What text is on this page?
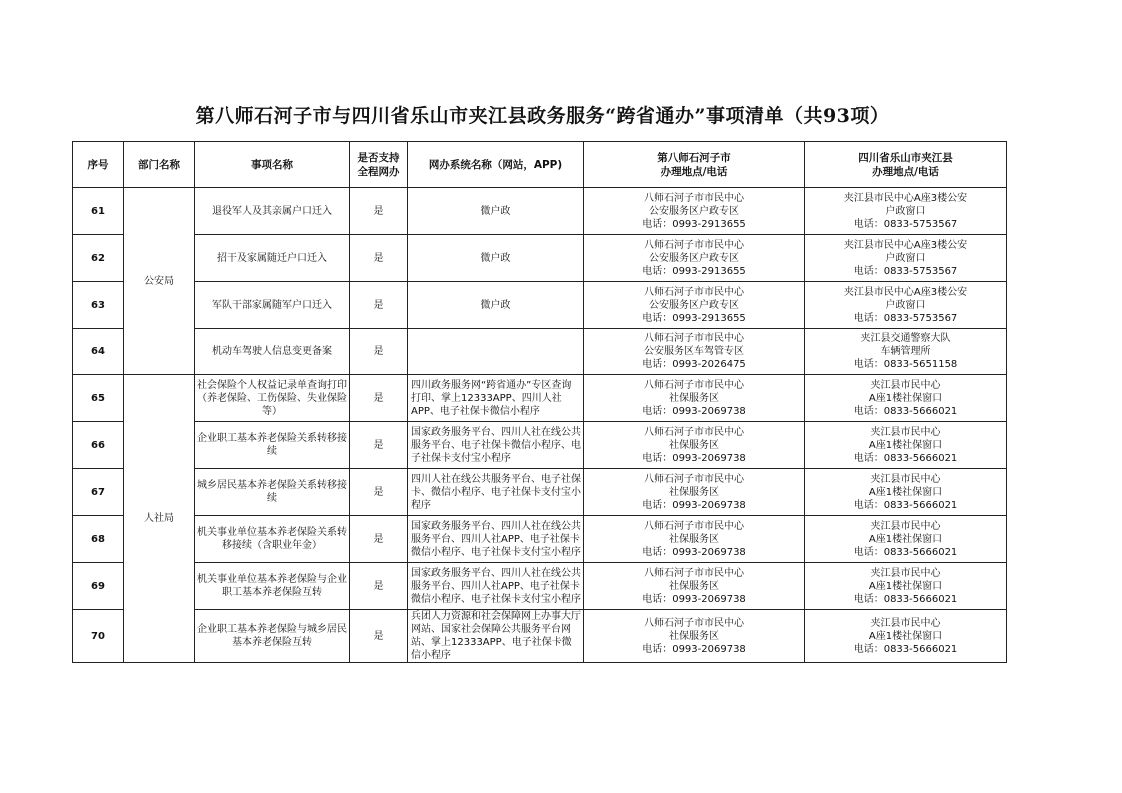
第八师石河子市与四川省乐山市夹江县政务服务“跨省通办”事项清单（共93项）
序号	部门名称	事项名称	是否支持
全程网办	网办系统名称（网站，APP)	第八师石河子市
办理地点/电话	四川省乐山市夹江县
办理地点/电话

61	公安局	退役军人及其亲属户口迁入	是	微户政	八师石河子市市民中心
公安服务区户政专区
电话：0993-2913655	夹江县市民中心A座3楼公安
户政窗口
电话：0833-5753567

62		招干及家属随迁户口迁入	是	微户政	八师石河子市市民中心
公安服务区户政专区
电话：0993-2913655	夹江县市民中心A座3楼公安
户政窗口
电话：0833-5753567

63		军队干部家属随军户口迁入	是	微户政	八师石河子市市民中心
公安服务区户政专区
电话：0993-2913655	夹江县市民中心A座3楼公安
户政窗口
电话：0833-5753567

64		机动车驾驶人信息变更备案	是		八师石河子市市民中心
公安服务区车驾管专区
电话：0993-2026475	夹江县交通警察大队
车辆管理所
电话：0833-5651158

65	人社局	社会保险个人权益记录单查询打印（养老保险、工伤保险、失业保险等）	是	四川政务服务网“跨省通办”专区查询打印、掌上12333APP、四川人社APP、电子社保卡微信小程序	八师石河子市市民中心
社保服务区
电话：0993-2069738	夹江县市民中心
A座1楼社保窗口
电话：0833-5666021

66		企业职工基本养老保险关系转移接续	是	国家政务服务平台、四川人社在线公共服务平台、电子社保卡微信小程序、电子社保卡支付宝小程序	八师石河子市市民中心
社保服务区
电话：0993-2069738	夹江县市民中心
A座1楼社保窗口
电话：0833-5666021

67		城乡居民基本养老保险关系转移接续	是	四川人社在线公共服务平台、电子社保卡、微信小程序、电子社保卡支付宝小程序	八师石河子市市民中心
社保服务区
电话：0993-2069738	夹江县市民中心
A座1楼社保窗口
电话：0833-5666021

68		机关事业单位基本养老保险关系转移接续（含职业年金）	是	国家政务服务平台、四川人社在线公共服务平台、四川人社APP、电子社保卡微信小程序、电子社保卡支付宝小程序	八师石河子市市民中心
社保服务区
电话：0993-2069738	夹江县市民中心
A座1楼社保窗口
电话：0833-5666021

69		机关事业单位基本养老保险与企业职工基本养老保险互转	是	国家政务服务平台、四川人社在线公共服务平台、四川人社APP、电子社保卡微信小程序、电子社保卡支付宝小程序	八师石河子市市民中心
社保服务区
电话：0993-2069738	夹江县市民中心
A座1楼社保窗口
电话：0833-5666021

70		企业职工基本养老保险与城乡居民基本养老保险互转	是	兵团人力资源和社会保障网上办事大厅网站、国家社会保障公共服务平台网站、掌上12333APP、电子社保卡微信小程序	八师石河子市市民中心
社保服务区
电话：0993-2069738	夹江县市民中心
A座1楼社保窗口
电话：0833-5666021
